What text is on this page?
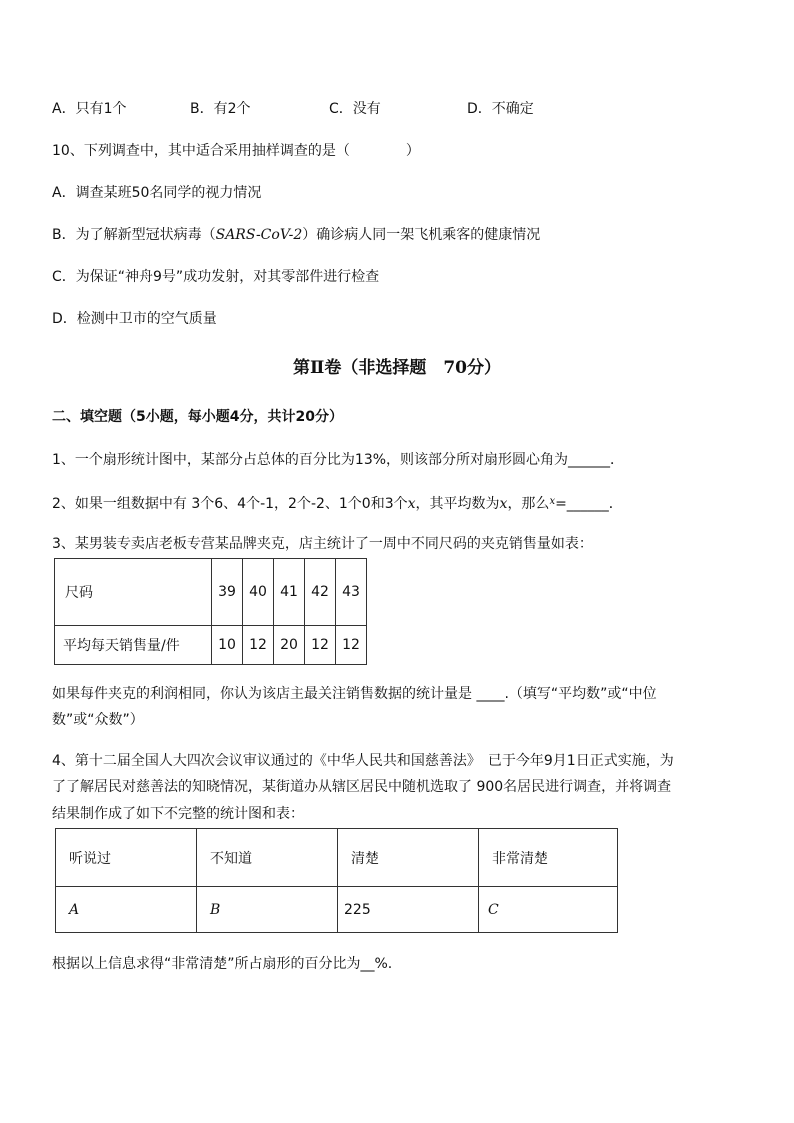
A．只有1个	B．有2个	C．没有	D．不确定
10、下列调查中，其中适合采用抽样调查的是（　　　　）
A．调查某班50名同学的视力情况
B．为了解新型冠状病毒（SARS-CoV-2）确诊病人同一架飞机乘客的健康情况
C．为保证“神舟9号”成功发射，对其零部件进行检查
D．检测中卫市的空气质量
第Ⅱ卷（非选择题　70分）
二、填空题（5小题，每小题4分，共计20分）
1、一个扇形统计图中，某部分占总体的百分比为13%，则该部分所对扇形圆心角为______．
2、如果一组数据中有 3个6、4个-1，2个-2、1个0和3个x，其平均数为x，那么$^x$=______．
3、某男装专卖店老板专营某品牌夹克，店主统计了一周中不同尺码的夹克销售量如表：
尺码	39	40	41	42	43
平均每天销售量/件	10	12	20	12	12
如果每件夹克的利润相同，你认为该店主最关注销售数据的统计量是 ____.（填写“平均数”或“中位
数”或“众数”）
4、第十二届全国人大四次会议审议通过的《中华人民共和国慈善法》　已于今年9月1日正式实施，为
了了解居民对慈善法的知晓情况，某街道办从辖区居民中随机选取了 900名居民进行调查，并将调查
结果制作成了如下不完整的统计图和表：
听说过	不知道	清楚	非常清楚
A	B	225	C
根据以上信息求得“非常清楚”所占扇形的百分比为__%.
